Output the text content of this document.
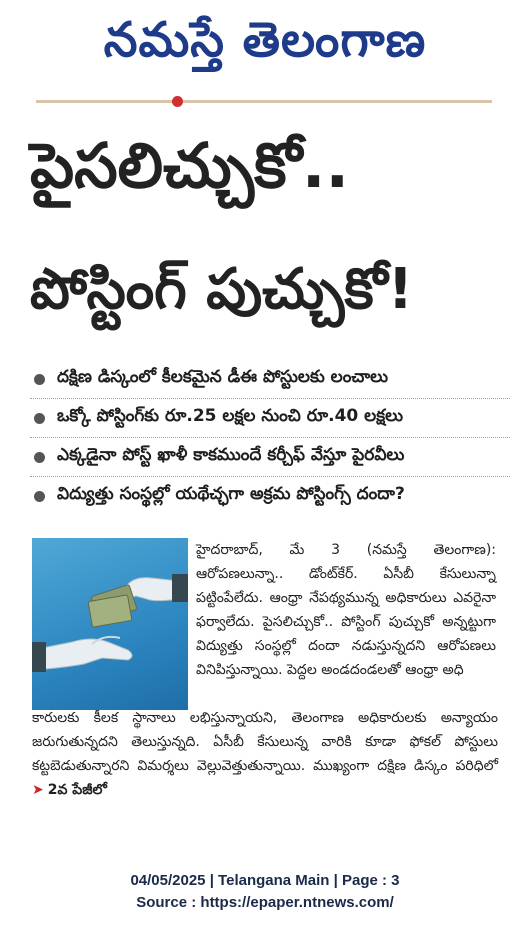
నమస్తే తెలంగాణ
పైసలిచ్చుకో..
పోస్టింగ్ పుచ్చుకో!
దక్షిణ డిస్కంలో కీలకమైన డీఈ పోస్టులకు లంచాలు
ఒక్కో పోస్టింగ్‌కు రూ.25 లక్షల నుంచి రూ.40 లక్షలు
ఎక్కడైనా పోస్ట్ ఖాళీ కాకముందే కర్చీఫ్ వేస్తూ పైరవీలు
విద్యుత్తు సంస్థల్లో యథేచ్ఛగా అక్రమ పోస్టింగ్స్ దందా?
హైదరాబాద్, మే 3 (నమస్తే తెలంగాణ): ఆరోపణలున్నా.. డోంట్‌కేర్. ఏసీబీ కేసులున్నా పట్టింపేలేదు. ఆంధ్రా నేపథ్యమున్న అధికారులు ఎవరైనా ఫర్వాలేదు. పైసలిచ్చుకో.. పోస్టింగ్ పుచ్చుకో అన్నట్టుగా విద్యుత్తు సంస్థల్లో దందా నడుస్తున్నదని ఆరోపణలు వినిపిస్తున్నాయి. పెద్దల అండదండలతో ఆంధ్రా అధి
కారులకు కీలక స్థానాలు లభిస్తున్నాయని, తెలంగాణ అధికారులకు అన్యాయం జరుగుతున్నదని తెలుస్తున్నది. ఏసీబీ కేసులున్న వారికి కూడా ఫోకల్ పోస్టులు కట్టబెడుతున్నారని విమర్శలు వెల్లువెత్తుతున్నాయి. ముఖ్యంగా దక్షిణ డిస్కం పరిధిలో ➤ 2వ పేజీలో
04/05/2025 | Telangana Main | Page : 3
Source : https://epaper.ntnews.com/
